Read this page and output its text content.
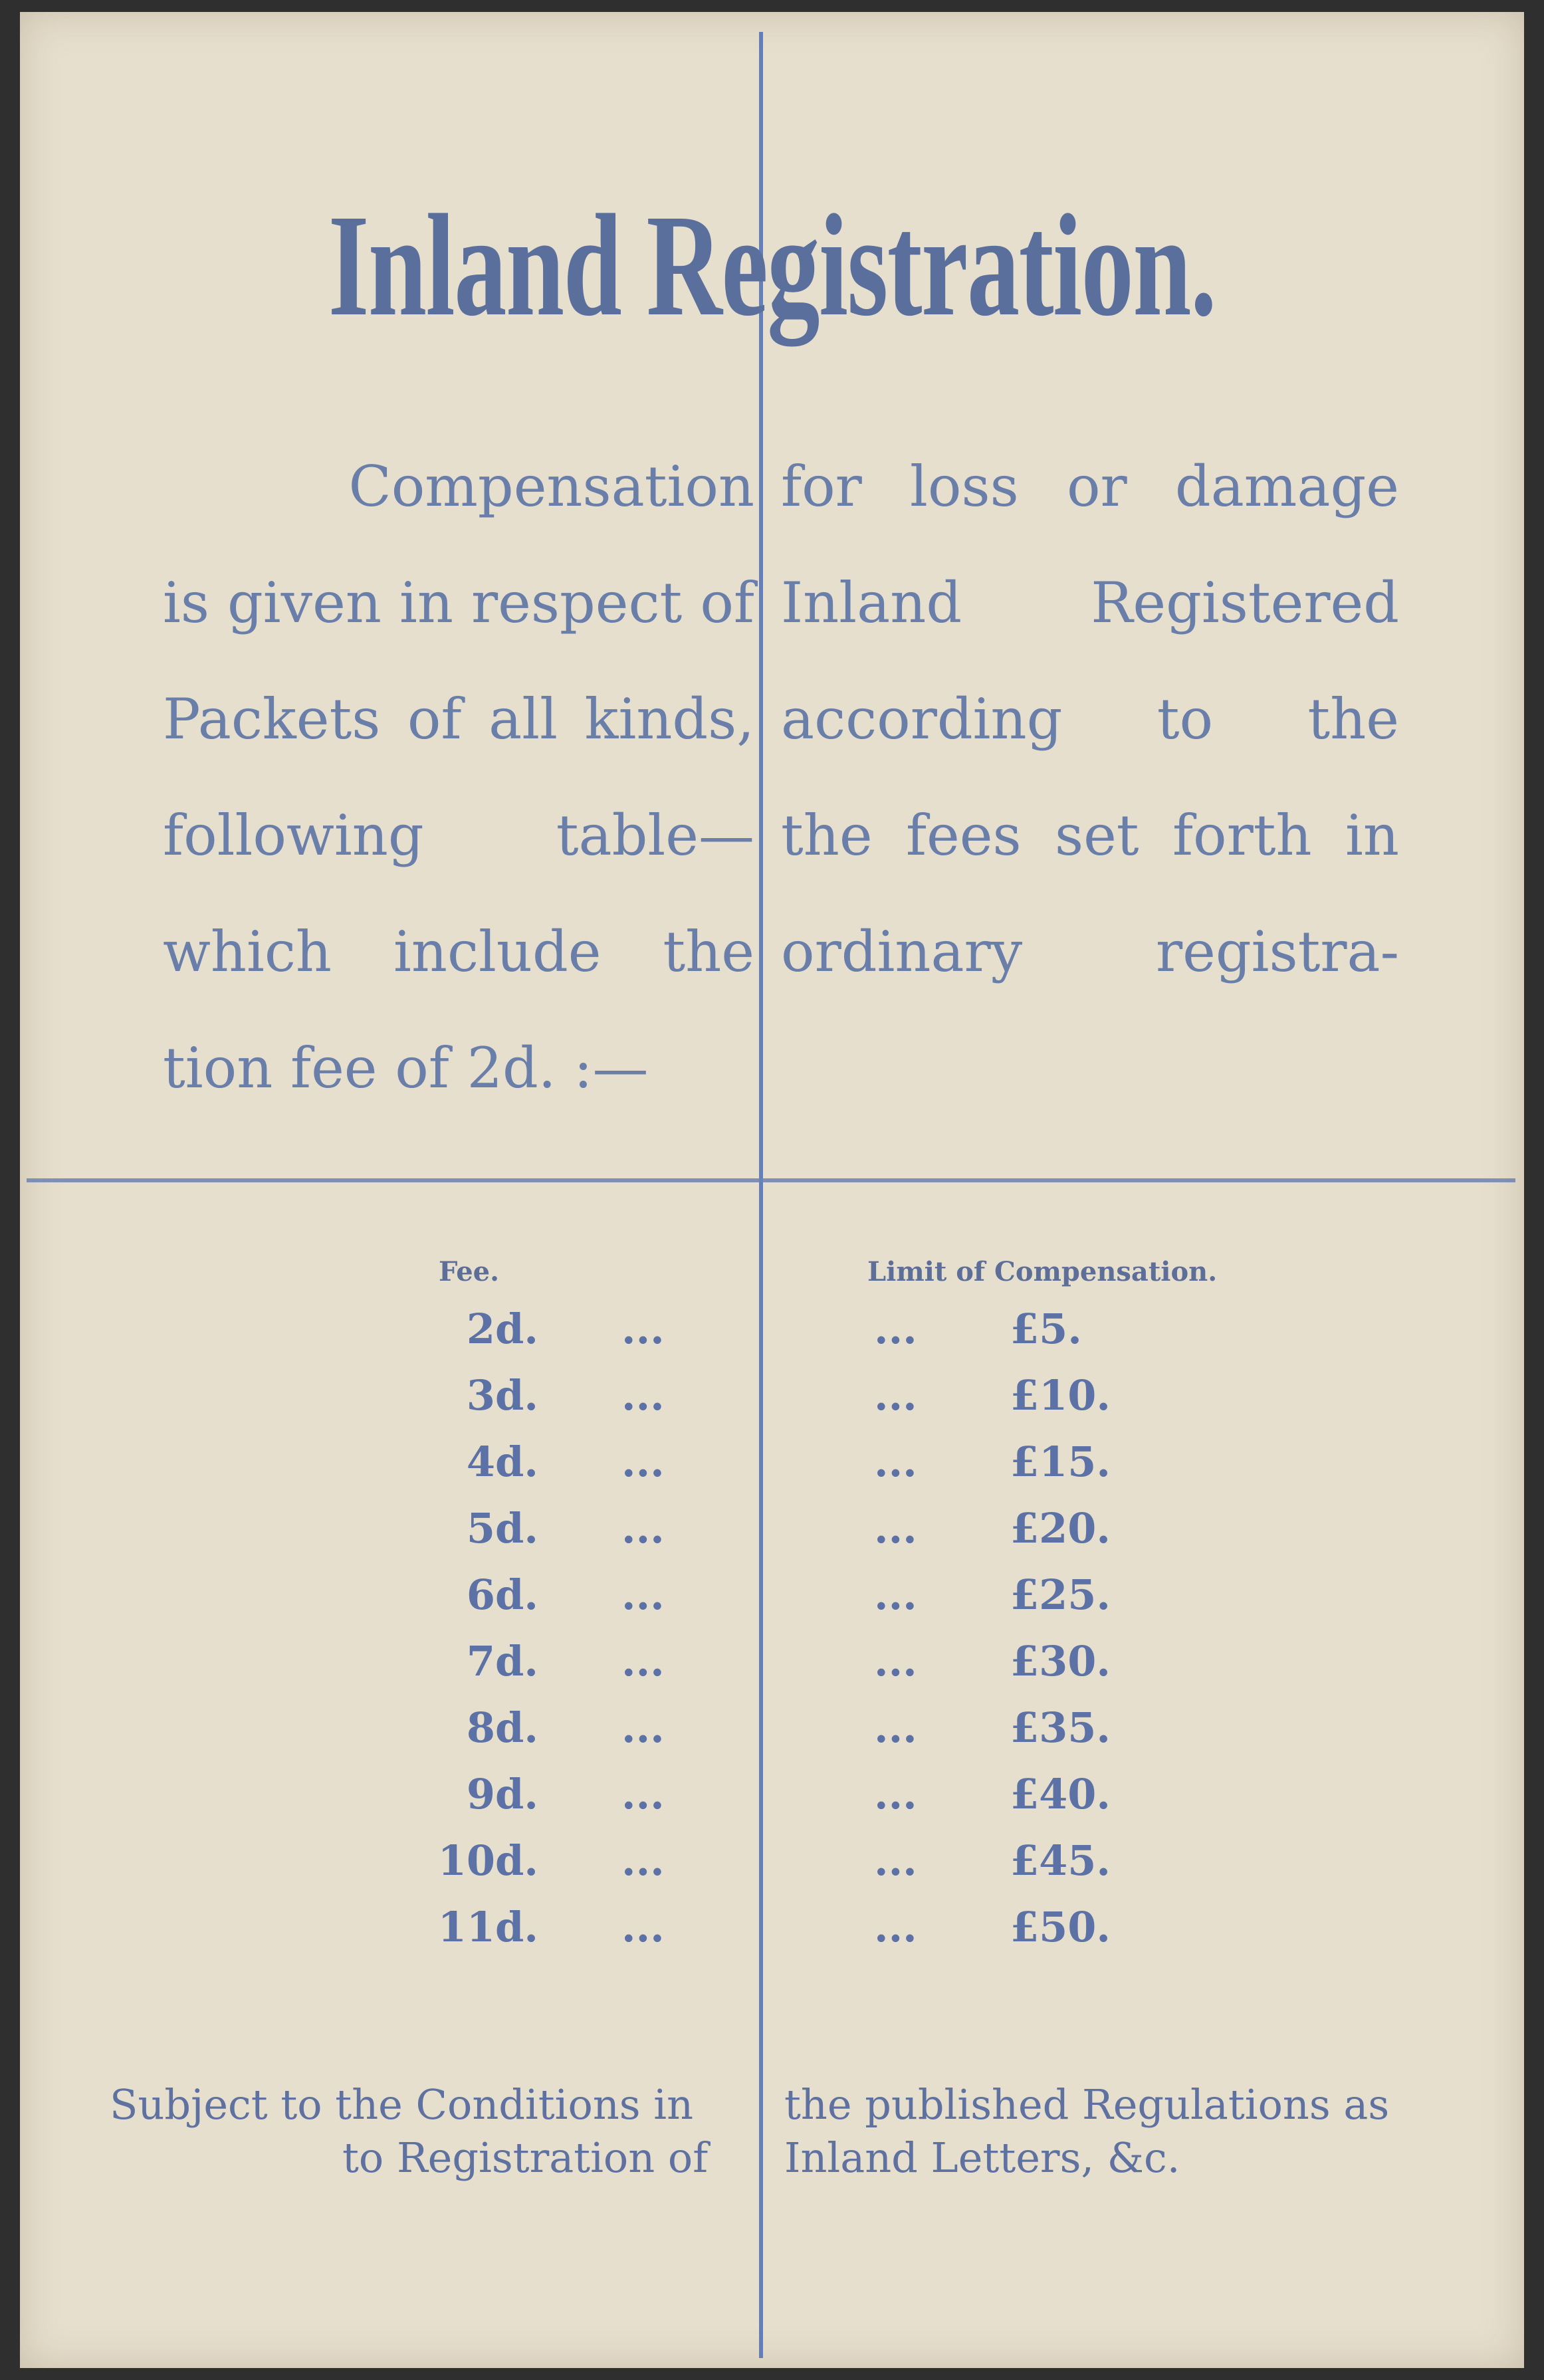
Inland Registration.
Compensation
is given in respect of
Packets of all kinds,
following table—
which include the
tion fee of 2d. :—
for loss or damage
Inland Registered
according to the
the fees set forth in
ordinary registra-
Fee.	Limit of Compensation.
2d. ...	... £5.
3d. ...	... £10.
4d. ...	... £15.
5d. ...	... £20.
6d. ...	... £25.
7d. ...	... £30.
8d. ...	... £35.
9d. ...	... £40.
10d. ...	... £45.
11d. ...	... £50.
Subject to the Conditions in
to Registration of
the published Regulations as
Inland Letters, &c.
